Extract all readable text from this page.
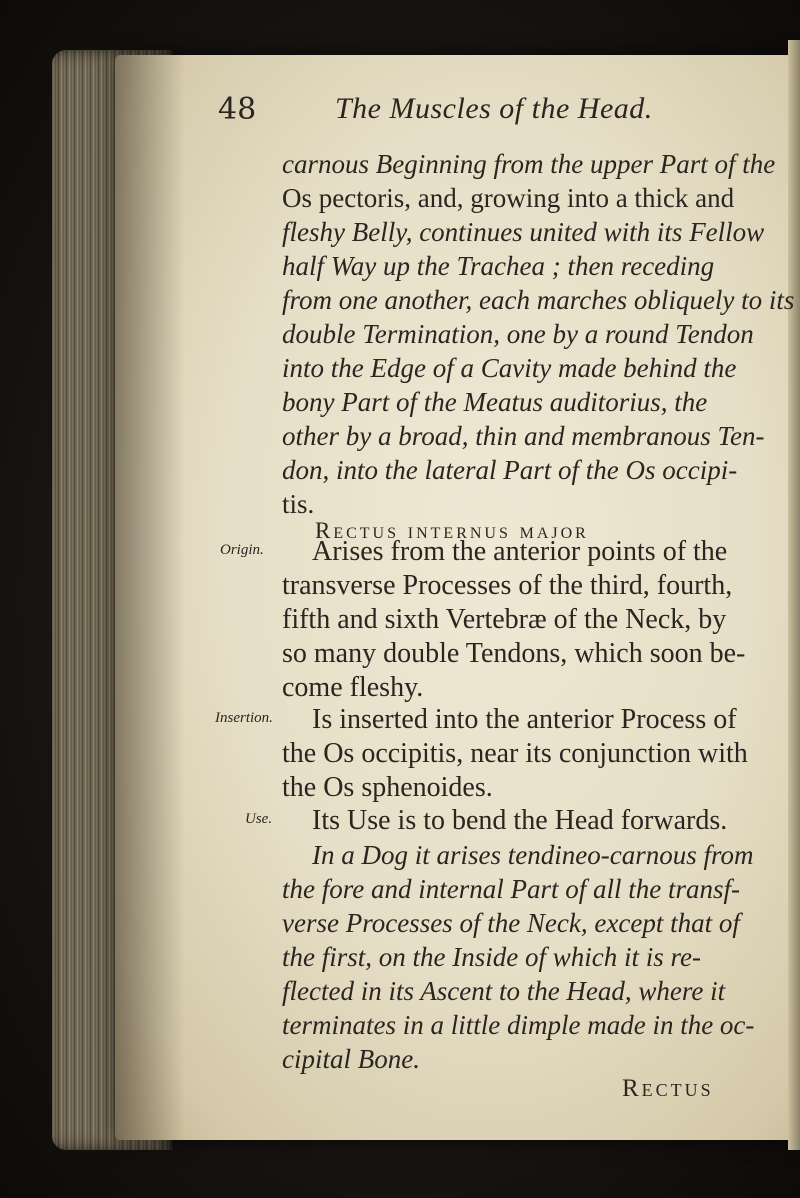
48	The Muscles of the Head.
carnous Beginning from the upper Part of the
Os pectoris, and, growing into a thick and
fleshy Belly, continues united with its Fellow
half Way up the Trachea ; then receding
from one another, each marches obliquely to its
double Termination, one by a round Tendon
into the Edge of a Cavity made behind the
bony Part of the Meatus auditorius, the
other by a broad, thin and membranous Ten-
don, into the lateral Part of the Os occipi-
tis.
Rectus internus major
Origin. Arises from the anterior points of the
transverse Processes of the third, fourth,
fifth and sixth Vertebræ of the Neck, by
so many double Tendons, which soon be-
come fleshy.
Insertion. Is inserted into the anterior Process of
the Os occipitis, near its conjunction with
the Os sphenoides.
Use. Its Use is to bend the Head forwards.
In a Dog it arises tendineo-carnous from
the fore and internal Part of all the transf-
verse Processes of the Neck, except that of
the first, on the Inside of which it is re-
flected in its Ascent to the Head, where it
terminates in a little dimple made in the oc-
cipital Bone.
Rectus
